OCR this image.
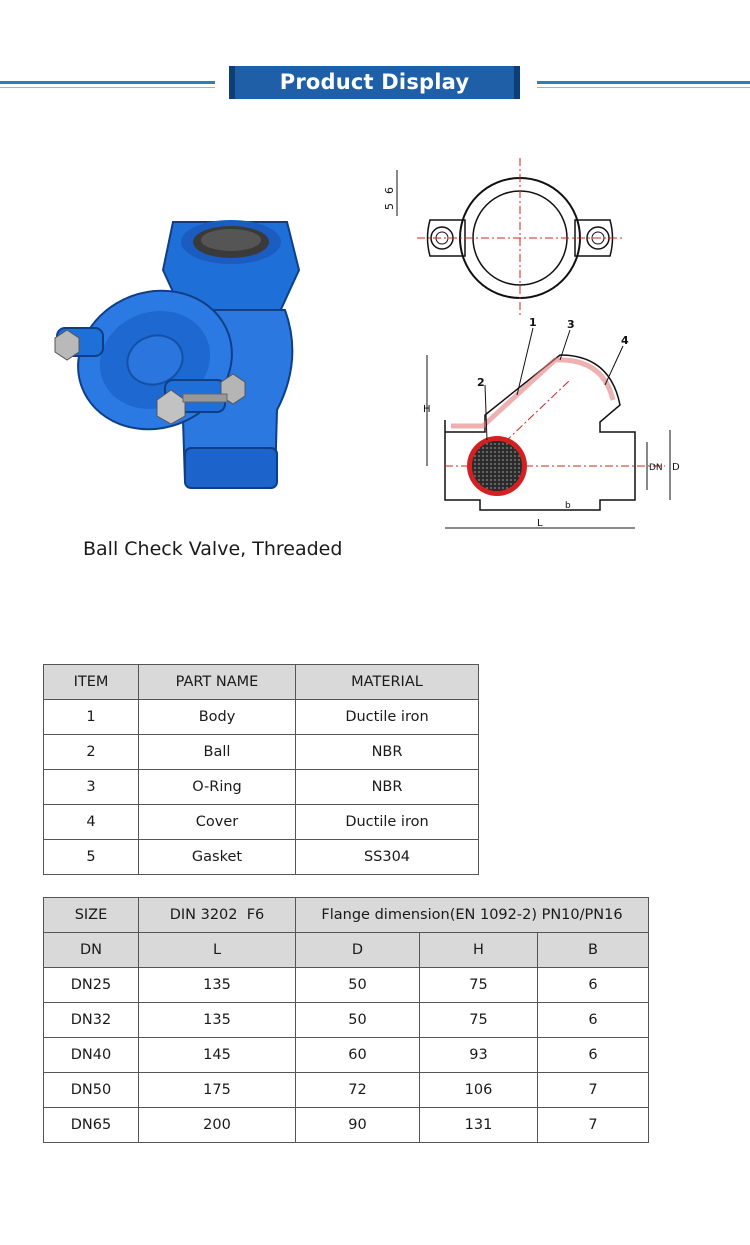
Product Display
Ball Check Valve, Threaded
6
5
H
L
DN D
b
1
2
3
4
ITEM	PART NAME	MATERIAL
1	Body	Ductile iron
2	Ball	NBR
3	O-Ring	NBR
4	Cover	Ductile iron
5	Gasket	SS304
SIZE	DIN 3202  F6	Flange dimension(EN 1092-2) PN10/PN16		
DN	L	D	H	B
DN25	135	50	75	6
DN32	135	50	75	6
DN40	145	60	93	6
DN50	175	72	106	7
DN65	200	90	131	7
